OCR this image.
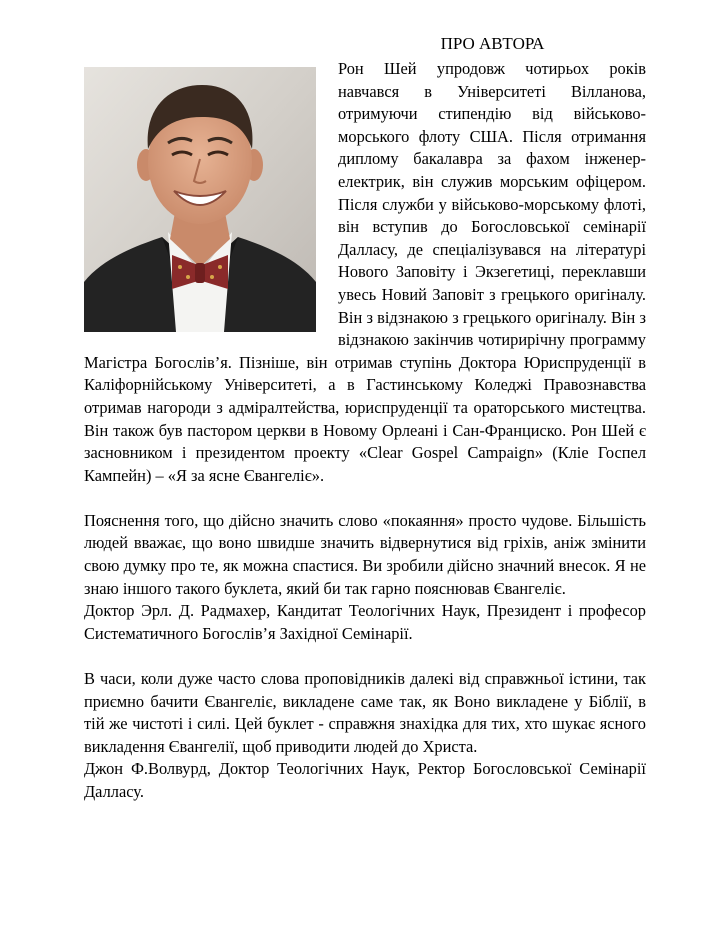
ПРО АВТОРА

Рон Шей упродовж чотирьох років навчався в Університеті Вілланова, отримуючи стипендію від військово-морського флоту США. Після отримання диплому бакалавра за фахом інженер-електрик, він служив морським офіцером. Після служби у військово-морському флоті, він вступив до Богословської семінарії Далласу, де спеціалізувався на літературі Нового Заповіту і Экзегетиці, переклавши увесь Новий Заповіт з грецького оригіналу. Він з відзнакою з грецького оригіналу. Він з відзнакою закінчив чотирирічну программу Магістра Богослів’я. Пізніше, він отримав ступінь Доктора Юриспруденції в Каліфорнійському Університеті, а в Гастинському Коледжі Правознавства отримав нагороди з адміралтейства, юриспруденції та ораторського мистецтва. Він також був пастором церкви в Новому Орлеані і Сан-Франциско. Рон Шей є засновником і президентом проекту «Clear Gospel Campaign» (Кліе Госпел Кампейн) – «Я за ясне Євангеліє».

Пояснення того, що дійсно значить слово «покаяння» просто чудове. Більшість людей вважає, що воно швидше значить відвернутися від гріхів, аніж змінити свою думку про те, як можна спастися. Ви зробили дійсно значний внесок. Я не знаю іншого такого буклета, який би так гарно пояснював Євангеліє.

Доктор Эрл. Д. Радмахер, Кандитат Теологічних Наук, Президент і професор Систематичного Богослів’я Західної Семінарії.

В часи, коли дуже часто слова проповідників далекі від справжньої істини, так приємно бачити Євангеліє, викладене саме так, як Воно викладене у Біблії, в тій же чистоті і силі. Цей буклет - справжня знахідка для тих, хто шукає ясного викладення Євангелії, щоб приводити людей до Христа.

Джон Ф.Волвурд, Доктор Теологічних Наук, Ректор Богословської Семінарії Далласу.
